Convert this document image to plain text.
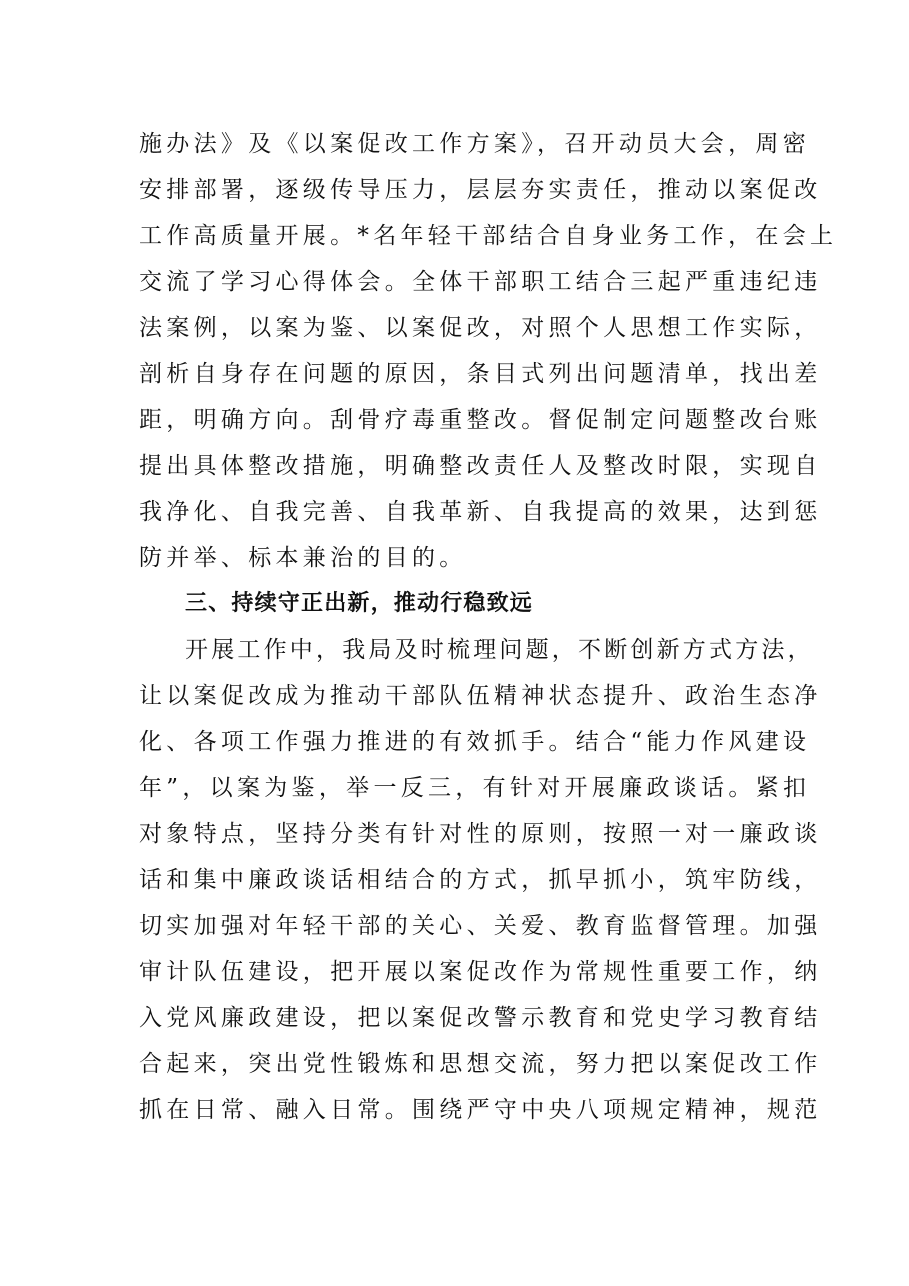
施办法》及《以案促改工作方案》，召开动员大会，周密
安排部署，逐级传导压力，层层夯实责任，推动以案促改
工作高质量开展。*名年轻干部结合自身业务工作，在会上
交流了学习心得体会。全体干部职工结合三起严重违纪违
法案例，以案为鉴、以案促改，对照个人思想工作实际，
剖析自身存在问题的原因，条目式列出问题清单，找出差
距，明确方向。刮骨疗毒重整改。督促制定问题整改台账
提出具体整改措施，明确整改责任人及整改时限，实现自
我净化、自我完善、自我革新、自我提高的效果，达到惩
防并举、标本兼治的目的。
三、持续守正出新，推动行稳致远
开展工作中，我局及时梳理问题，不断创新方式方法，
让以案促改成为推动干部队伍精神状态提升、政治生态净
化、各项工作强力推进的有效抓手。结合“能力作风建设
年”，以案为鉴，举一反三，有针对开展廉政谈话。紧扣
对象特点，坚持分类有针对性的原则，按照一对一廉政谈
话和集中廉政谈话相结合的方式，抓早抓小，筑牢防线，
切实加强对年轻干部的关心、关爱、教育监督管理。加强
审计队伍建设，把开展以案促改作为常规性重要工作，纳
入党风廉政建设，把以案促改警示教育和党史学习教育结
合起来，突出党性锻炼和思想交流，努力把以案促改工作
抓在日常、融入日常。围绕严守中央八项规定精神，规范
